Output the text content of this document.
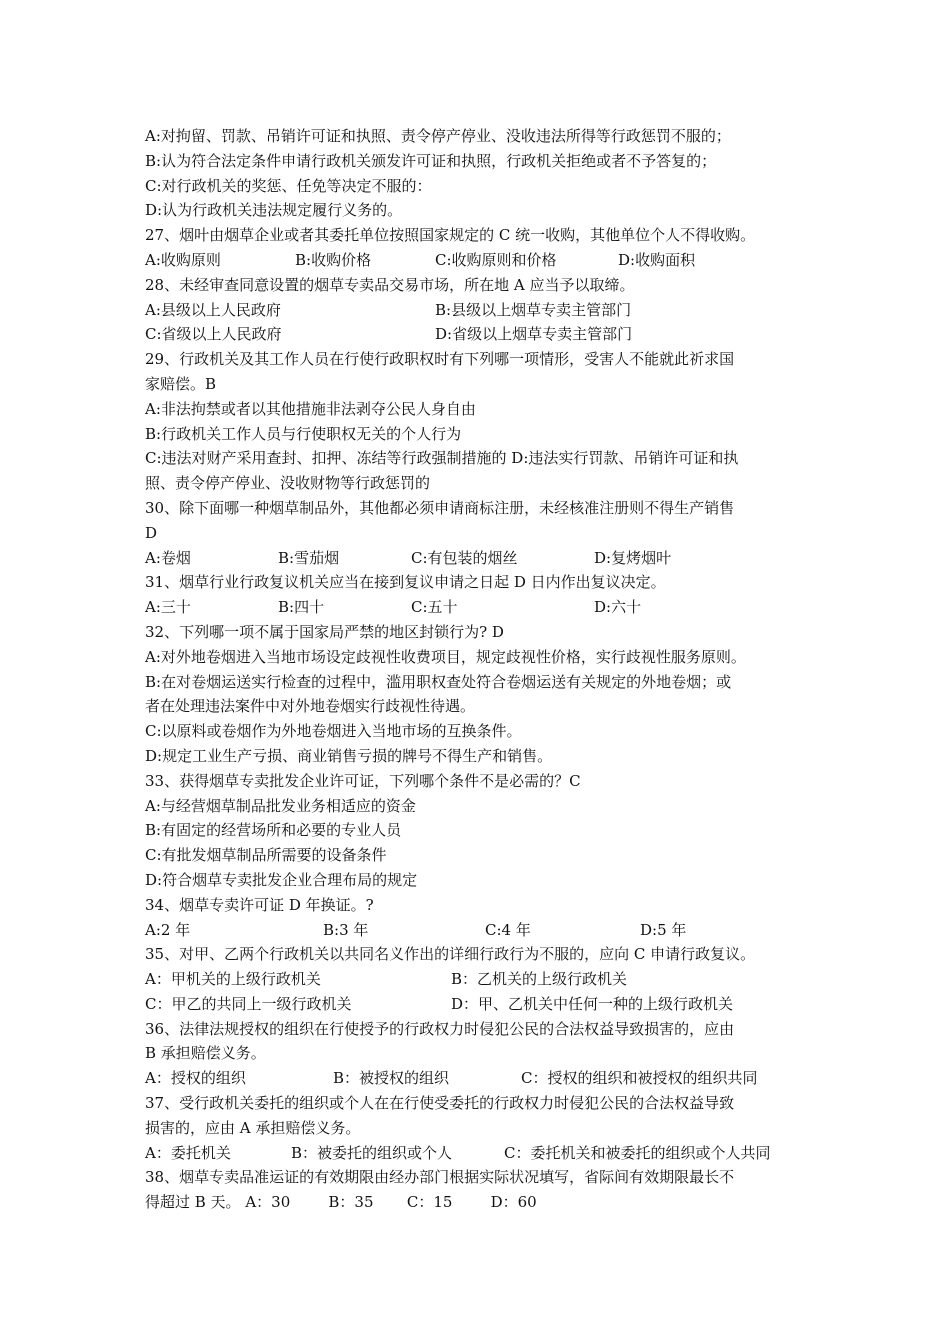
A:对拘留、罚款、吊销许可证和执照、责令停产停业、没收违法所得等行政惩罚不服的；
B:认为符合法定条件申请行政机关颁发许可证和执照，行政机关拒绝或者不予答复的；
C:对行政机关的奖惩、任免等决定不服的：
D:认为行政机关违法规定履行义务的。
27、烟叶由烟草企业或者其委托单位按照国家规定的 C 统一收购，其他单位个人不得收购。
A:收购原则	B:收购价格	C:收购原则和价格	D:收购面积
28、未经审查同意设置的烟草专卖品交易市场，所在地 A 应当予以取缔。
A:县级以上人民政府	B:县级以上烟草专卖主管部门
C:省级以上人民政府	D:省级以上烟草专卖主管部门
29、行政机关及其工作人员在行使行政职权时有下列哪一项情形，受害人不能就此祈求国
家赔偿。B
A:非法拘禁或者以其他措施非法剥夺公民人身自由
B:行政机关工作人员与行使职权无关的个人行为
C:违法对财产采用查封、扣押、冻结等行政强制措施的 D:违法实行罚款、吊销许可证和执
照、责令停产停业、没收财物等行政惩罚的
30、除下面哪一种烟草制品外，其他都必须申请商标注册，未经核准注册则不得生产销售
D
A:卷烟	B:雪茄烟	C:有包装的烟丝	D:复烤烟叶
31、烟草行业行政复议机关应当在接到复议申请之日起 D 日内作出复议决定。
A:三十	B:四十	C:五十	D:六十
32、下列哪一项不属于国家局严禁的地区封锁行为? D
A:对外地卷烟进入当地市场设定歧视性收费项目，规定歧视性价格，实行歧视性服务原则。
B:在对卷烟运送实行检查的过程中，滥用职权查处符合卷烟运送有关规定的外地卷烟；或
者在处理违法案件中对外地卷烟实行歧视性待遇。
C:以原料或卷烟作为外地卷烟进入当地市场的互换条件。
D:规定工业生产亏损、商业销售亏损的牌号不得生产和销售。
33、获得烟草专卖批发企业许可证，下列哪个条件不是必需的？C
A:与经营烟草制品批发业务相适应的资金
B:有固定的经营场所和必要的专业人员
C:有批发烟草制品所需要的设备条件
D:符合烟草专卖批发企业合理布局的规定
34、烟草专卖许可证 D 年换证。?
A:2 年	B:3 年	C:4 年	D:5 年
35、对甲、乙两个行政机关以共同名义作出的详细行政行为不服的，应向 C 申请行政复议。
A：甲机关的上级行政机关	B：乙机关的上级行政机关
C：甲乙的共同上一级行政机关	D：甲、乙机关中任何一种的上级行政机关
36、法律法规授权的组织在行使授予的行政权力时侵犯公民的合法权益导致损害的，应由
B 承担赔偿义务。
A：授权的组织	B：被授权的组织	C：授权的组织和被授权的组织共同
37、受行政机关委托的组织或个人在在行使受委托的行政权力时侵犯公民的合法权益导致
损害的，应由 A 承担赔偿义务。
A：委托机关	B：被委托的组织或个人	C：委托机关和被委托的组织或个人共同
38、烟草专卖品准运证的有效期限由经办部门根据实际状况填写，省际间有效期限最长不
得超过 B 天。 A：30        B：35       C：15        D：60
